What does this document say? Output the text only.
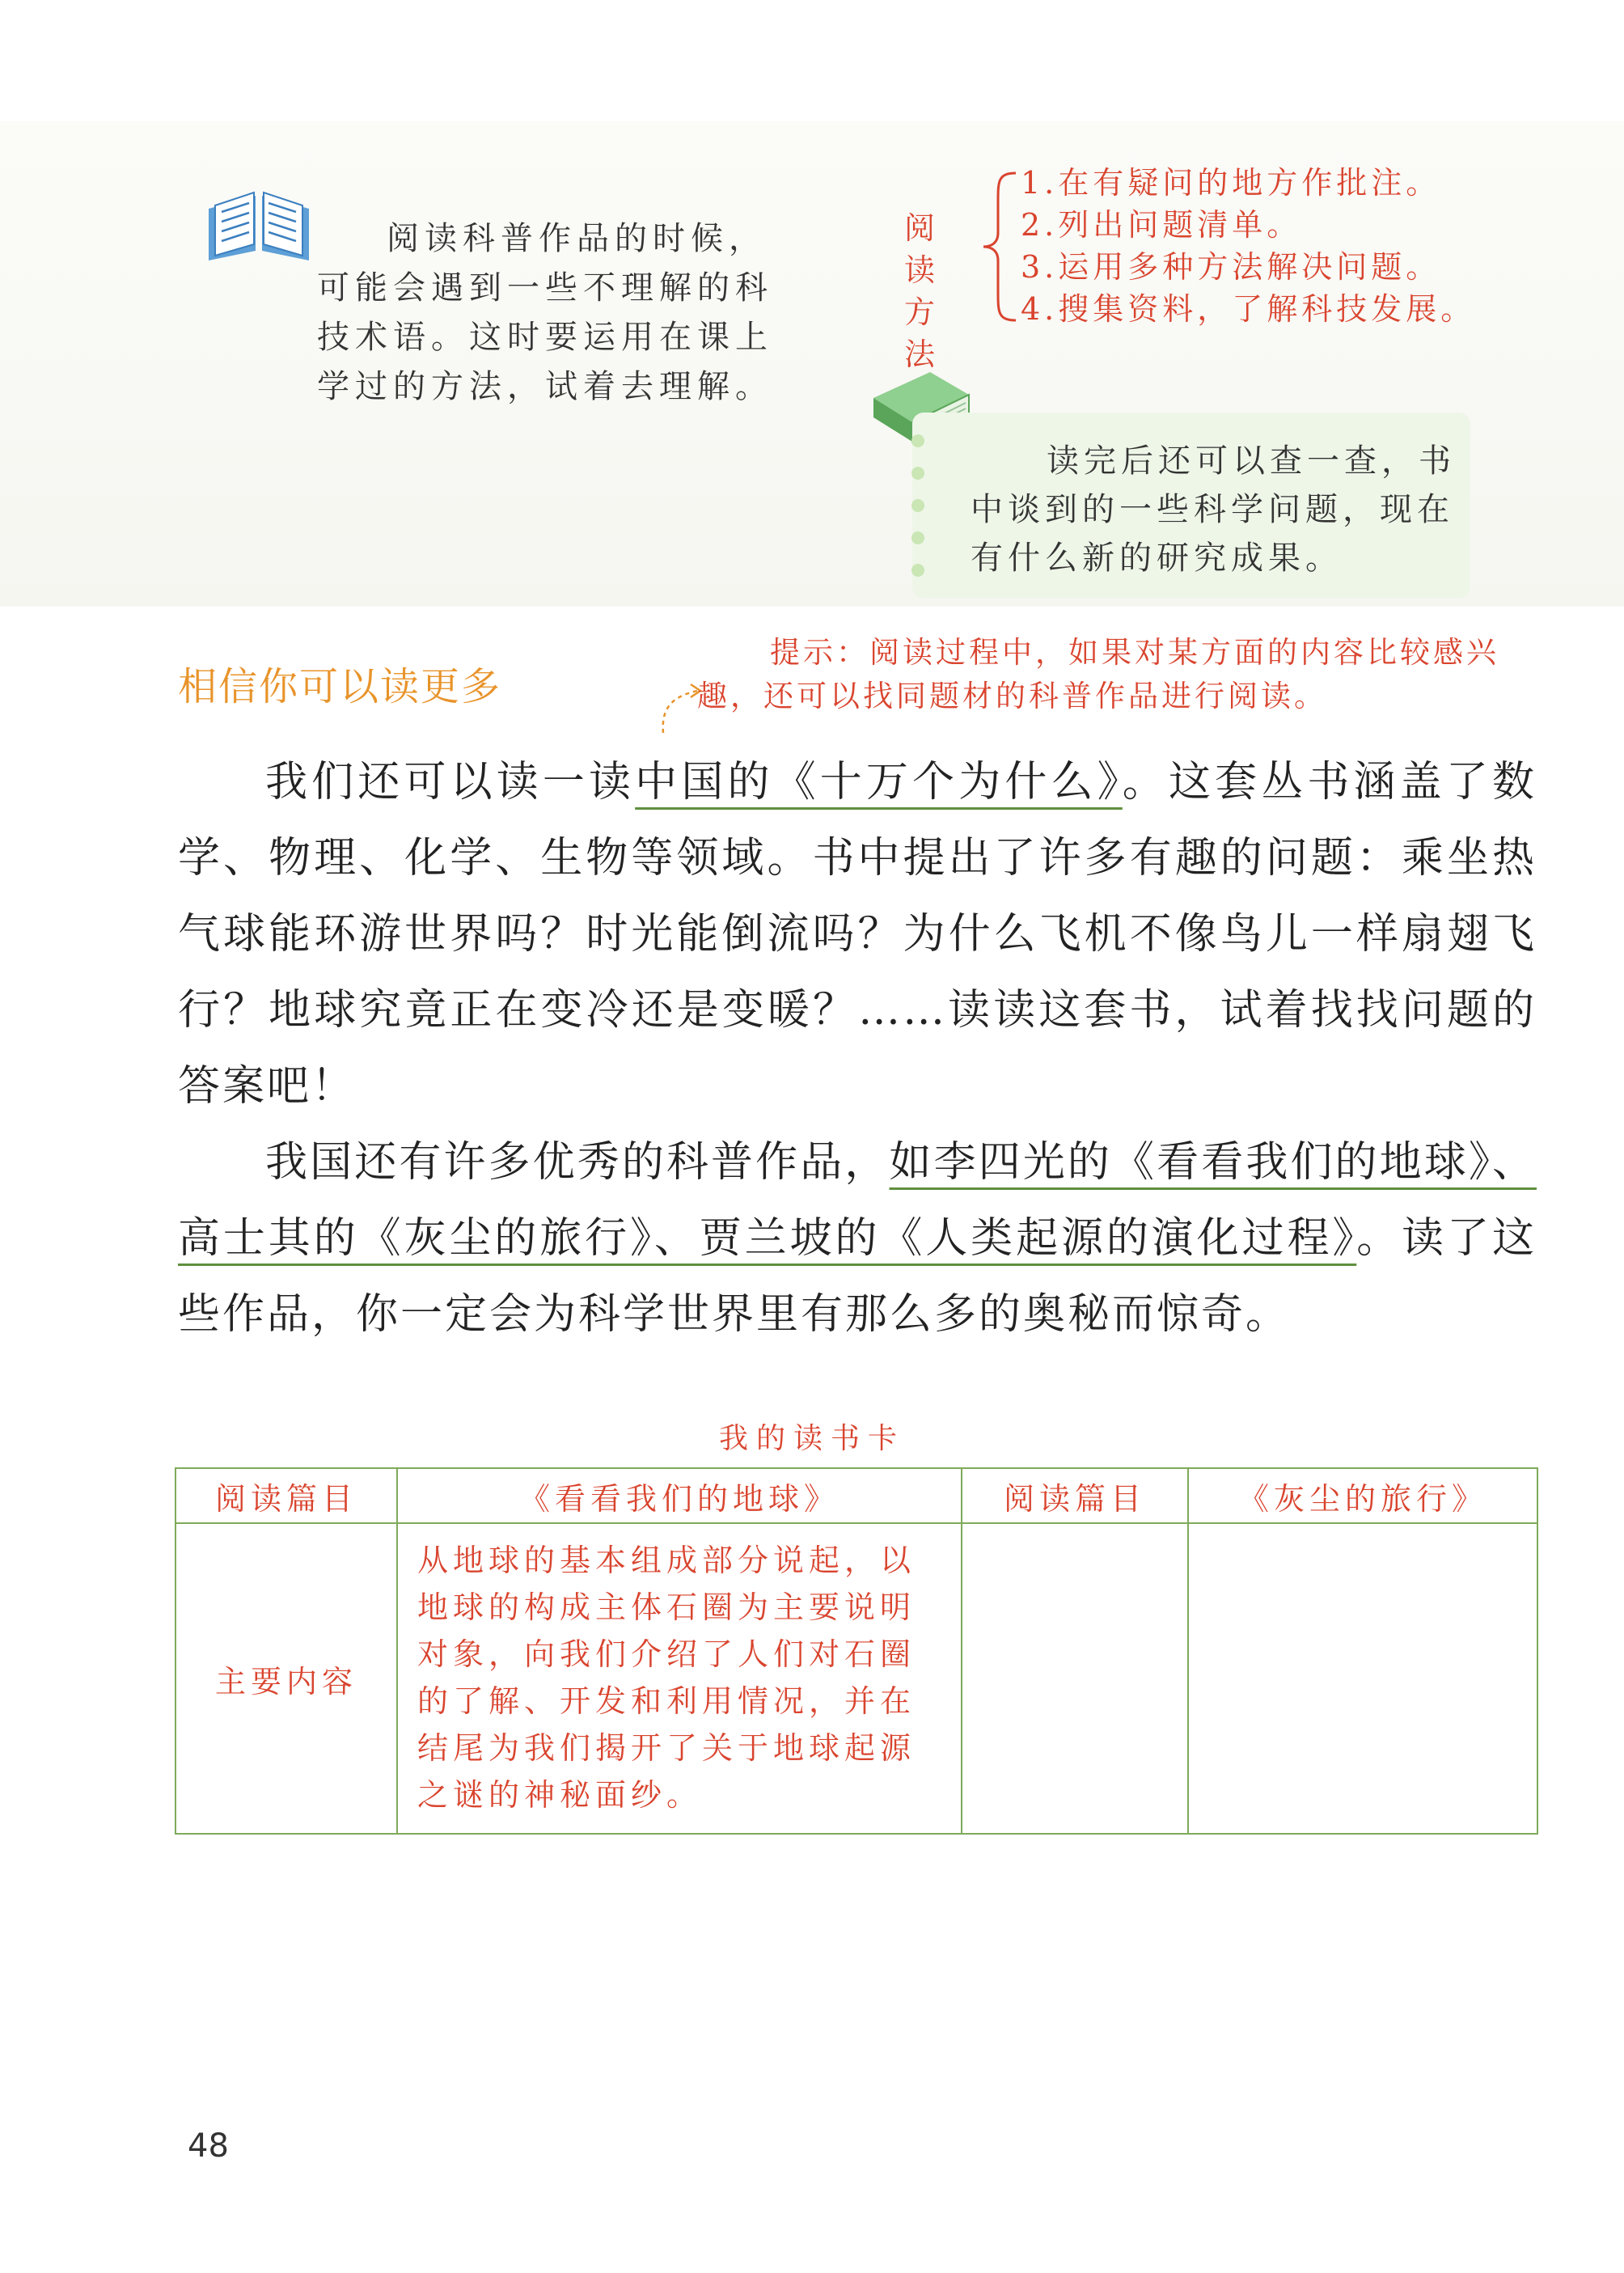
阅读科普作品的时候，可能会遇到一些不理解的科技术语。这时要运用在课上学过的方法，试着去理解。

阅读方法
1.在有疑问的地方作批注。
2.列出问题清单。
3.运用多种方法解决问题。
4.搜集资料，了解科技发展。

读完后还可以查一查，书中谈到的一些科学问题，现在有什么新的研究成果。

相信你可以读更多
提示：阅读过程中，如果对某方面的内容比较感兴趣，还可以找同题材的科普作品进行阅读。

我们还可以读一读中国的《十万个为什么》。这套丛书涵盖了数学、物理、化学、生物等领域。书中提出了许多有趣的问题：乘坐热气球能环游世界吗？时光能倒流吗？为什么飞机不像鸟儿一样扇翅飞行？地球究竟正在变冷还是变暖？……读读这套书，试着找找问题的答案吧！

我国还有许多优秀的科普作品，如李四光的《看看我们的地球》、高士其的《灰尘的旅行》、贾兰坡的《人类起源的演化过程》。读了这些作品，你一定会为科学世界里有那么多的奥秘而惊奇。

我的读书卡
阅读篇目	《看看我们的地球》	阅读篇目	《灰尘的旅行》
主要内容	从地球的基本组成部分说起，以地球的构成主体石圈为主要说明对象，向我们介绍了人们对石圈的了解、开发和利用情况，并在结尾为我们揭开了关于地球起源之谜的神秘面纱。		
48
